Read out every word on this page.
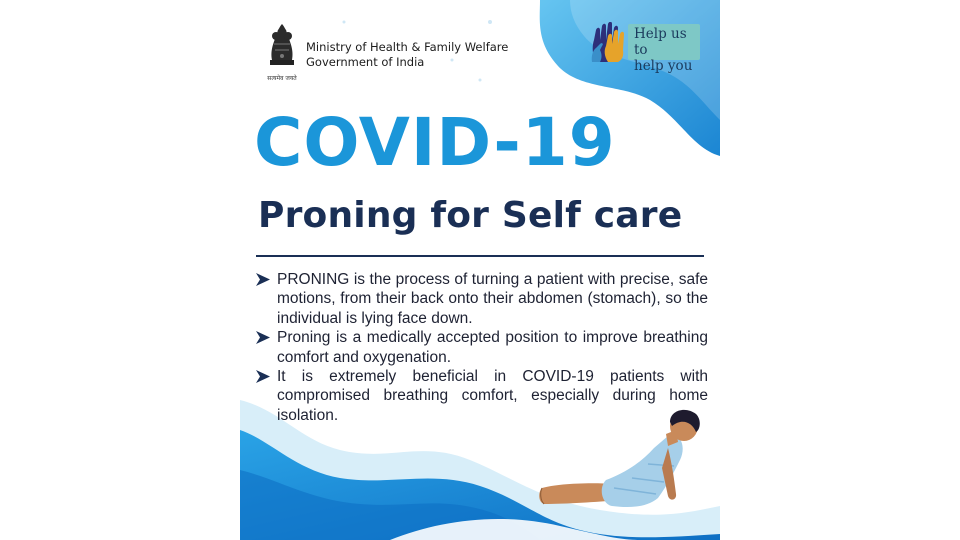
सत्यमेव जयते
Ministry of Health & Family Welfare
Government of India
Help us to
help you
COVID-19
Proning for Self care
PRONING is the process of turning a patient with precise, safe motions, from their back onto their abdomen (stomach), so the individual is lying face down.
Proning is a medically accepted position to improve breathing comfort and oxygenation.
It is extremely beneficial in COVID-19 patients with compromised breathing comfort, especially during home isolation.
